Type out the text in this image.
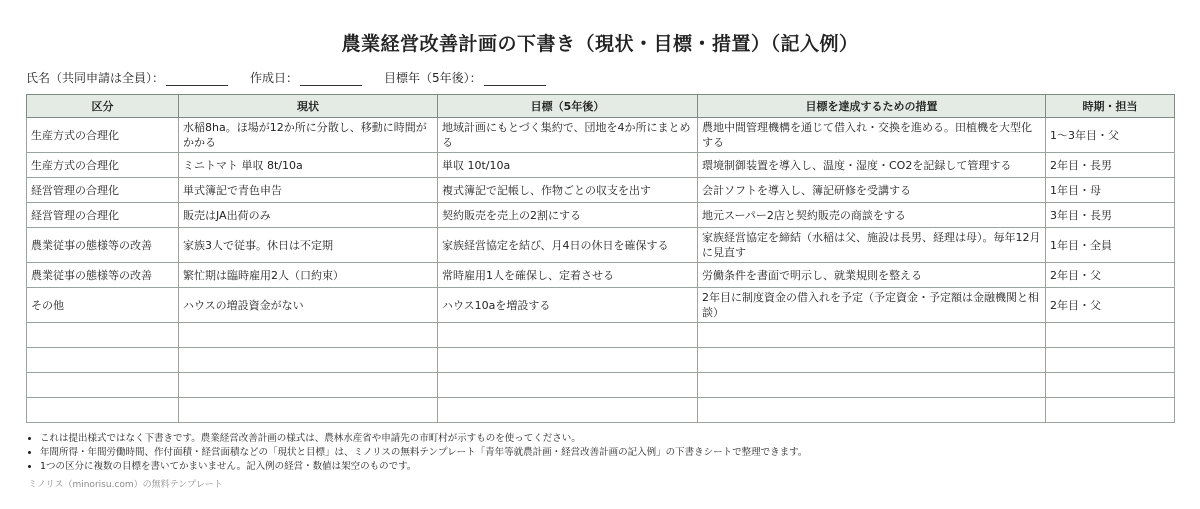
農業経営改善計画の下書き（現状・目標・措置）（記入例）
氏名（共同申請は全員）：	作成日：	目標年（5年後）：
区分	現状	目標（5年後）	目標を達成するための措置	時期・担当
生産方式の合理化	水稲8ha。ほ場が12か所に分散し、移動に時間がかかる	地域計画にもとづく集約で、団地を4か所にまとめる	農地中間管理機構を通じて借入れ・交換を進める。田植機を大型化する	1〜3年目・父
生産方式の合理化	ミニトマト 単収 8t/10a	単収 10t/10a	環境制御装置を導入し、温度・湿度・CO2を記録して管理する	2年目・長男
経営管理の合理化	単式簿記で青色申告	複式簿記で記帳し、作物ごとの収支を出す	会計ソフトを導入し、簿記研修を受講する	1年目・母
経営管理の合理化	販売はJA出荷のみ	契約販売を売上の2割にする	地元スーパー2店と契約販売の商談をする	3年目・長男
農業従事の態様等の改善	家族3人で従事。休日は不定期	家族経営協定を結び、月4日の休日を確保する	家族経営協定を締結（水稲は父、施設は長男、経理は母）。毎年12月に見直す	1年目・全員
農業従事の態様等の改善	繁忙期は臨時雇用2人（口約束）	常時雇用1人を確保し、定着させる	労働条件を書面で明示し、就業規則を整える	2年目・父
その他	ハウスの増設資金がない	ハウス10aを増設する	2年目に制度資金の借入れを予定（予定資金・予定額は金融機関と相談）	2年目・父

• これは提出様式ではなく下書きです。農業経営改善計画の様式は、農林水産省や申請先の市町村が示すものを使ってください。
• 年間所得・年間労働時間、作付面積・経営面積などの「現状と目標」は、ミノリスの無料テンプレート「青年等就農計画・経営改善計画の記入例」の下書きシートで整理できます。
• 1つの区分に複数の目標を書いてかまいません。記入例の経営・数値は架空のものです。
ミノリス（minorisu.com）の無料テンプレート
